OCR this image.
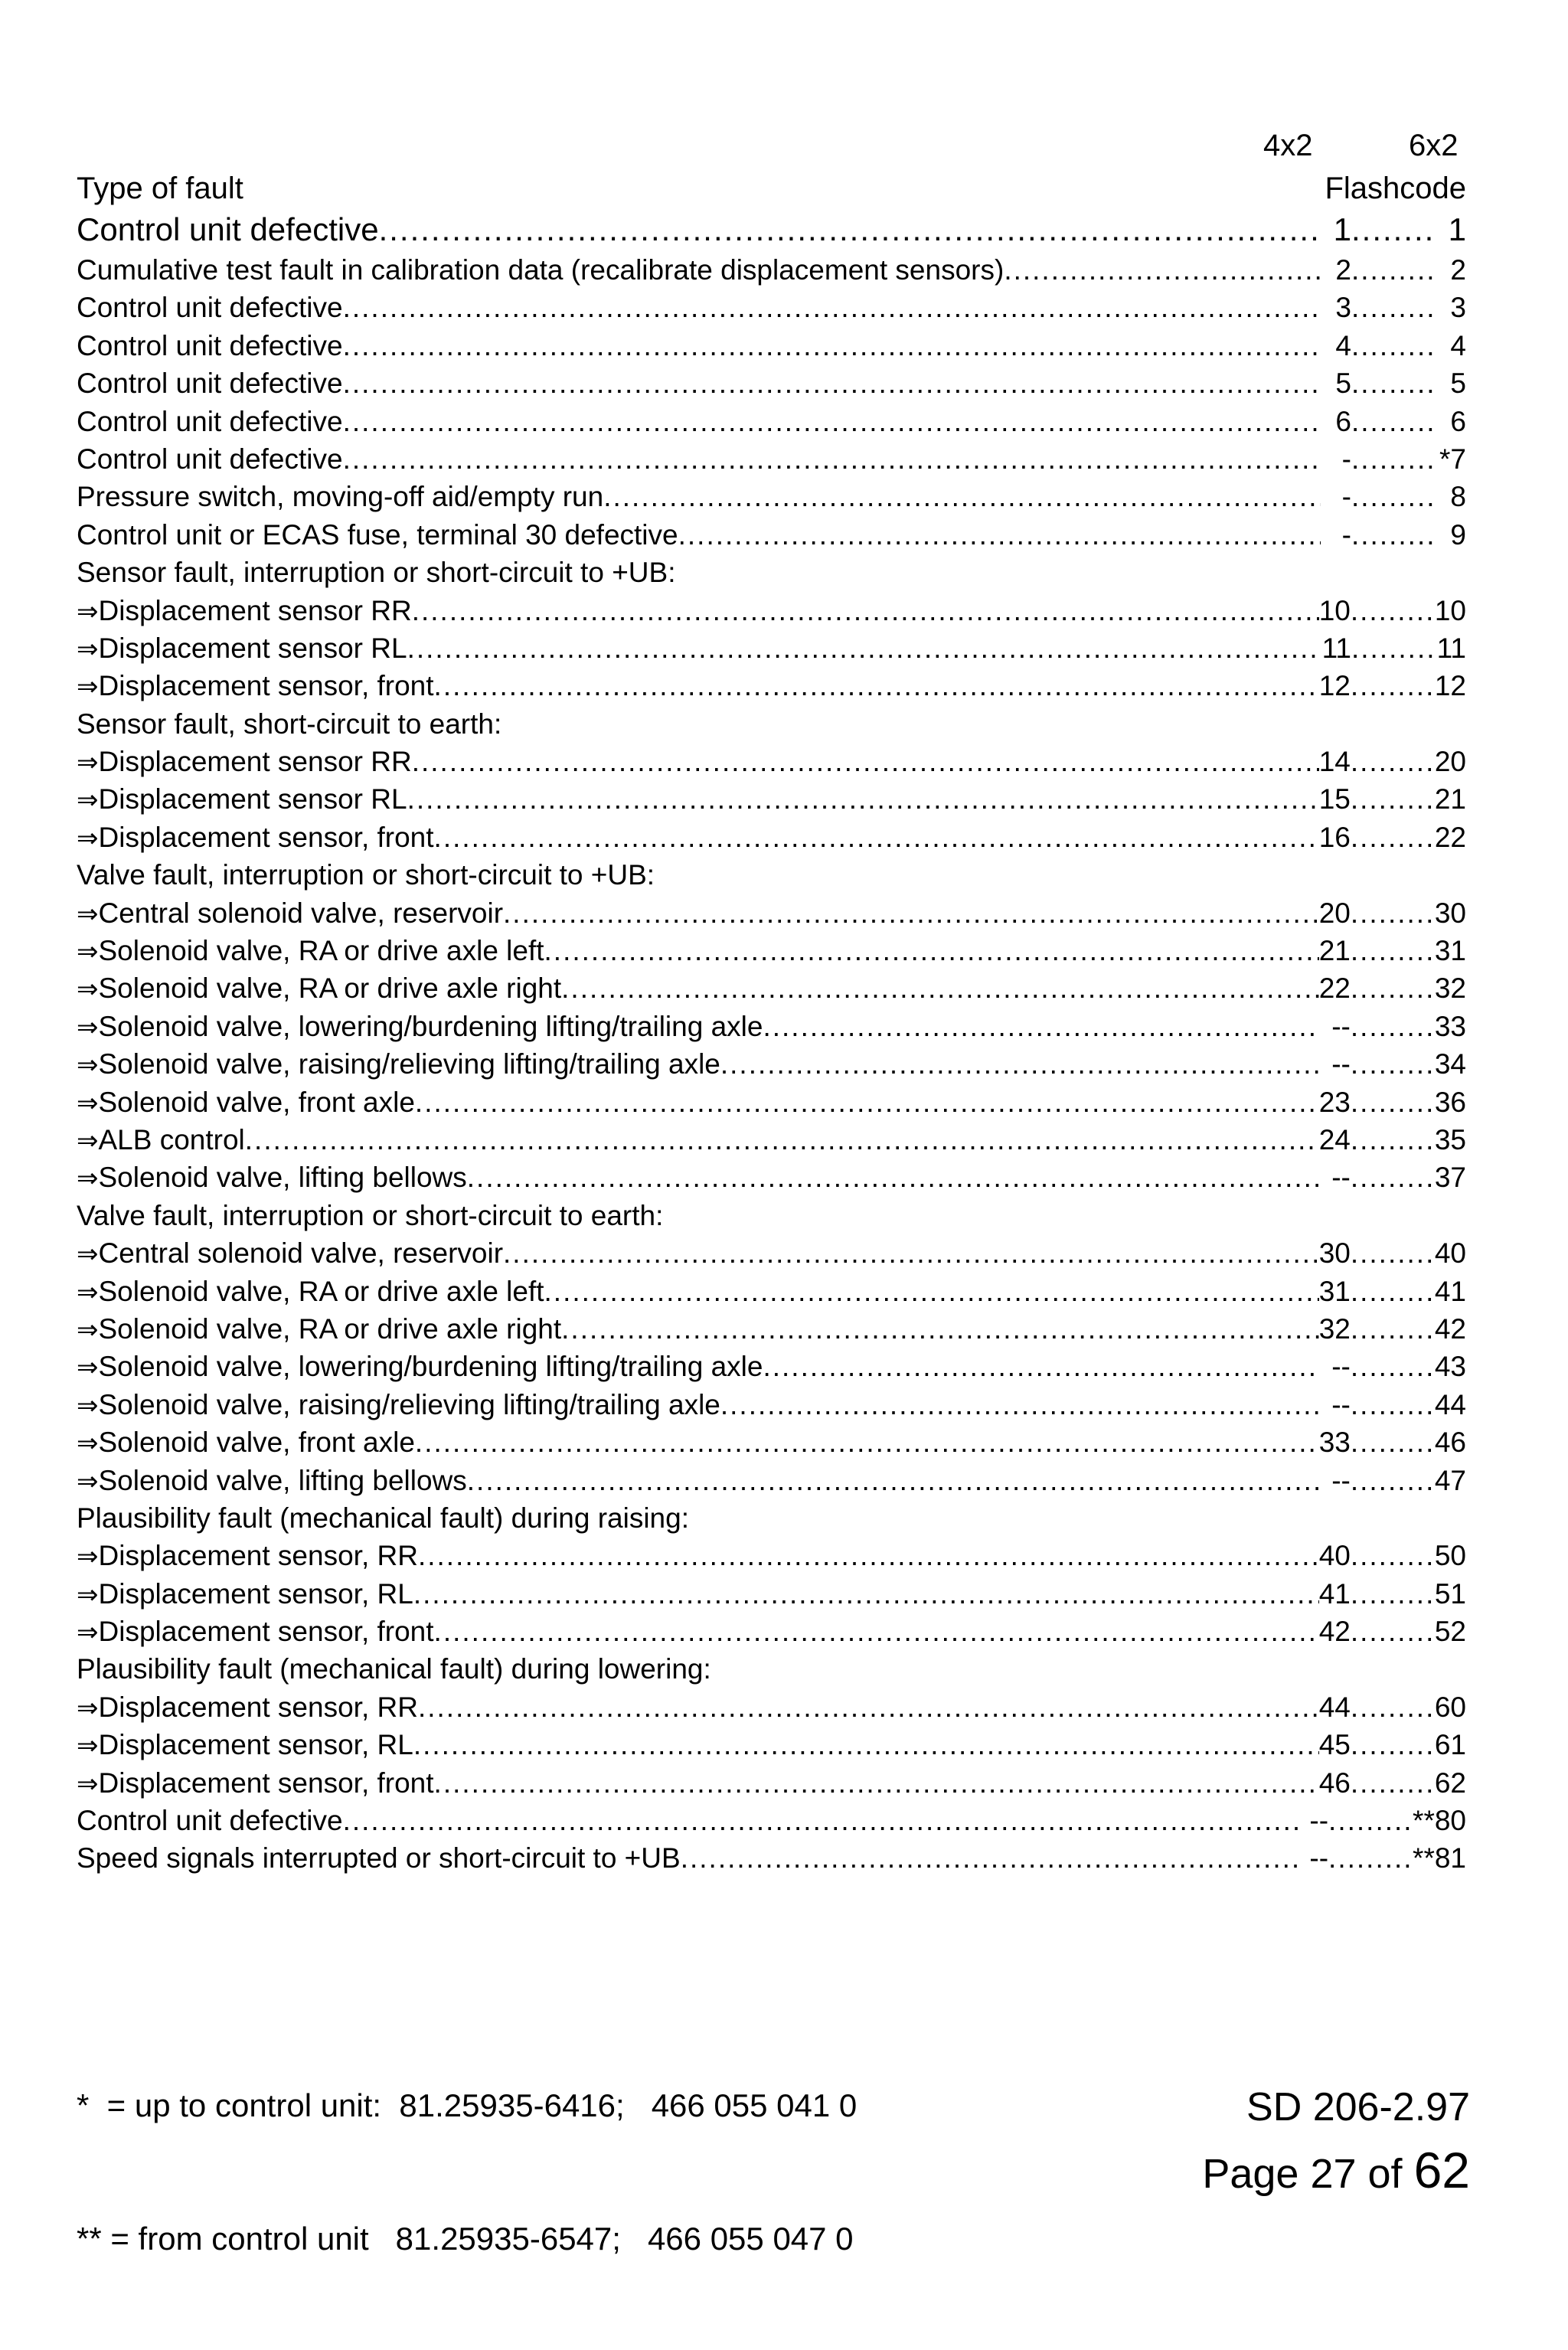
4x2	6x2
Type of fault	Flashcode
Control unit defective .....	1 .....	1
Cumulative test fault in calibration data (recalibrate displacement sensors) .....	2 .....	2
Control unit defective .....	3 .....	3
Control unit defective .....	4 .....	4
Control unit defective .....	5 .....	5
Control unit defective .....	6 .....	6
Control unit defective .....	- .....	*7
Pressure switch, moving-off aid/empty run .....	- .....	8
Control unit or ECAS fuse, terminal 30 defective .....	- .....	9
Sensor fault, interruption or short-circuit to +UB:
⇒ Displacement sensor RR .....	10 .....	10
⇒ Displacement sensor RL .....	11 .....	11
⇒ Displacement sensor, front .....	12 .....	12
Sensor fault, short-circuit to earth:
⇒ Displacement sensor RR .....	14 .....	20
⇒ Displacement sensor RL .....	15 .....	21
⇒ Displacement sensor, front .....	16 .....	22
Valve fault, interruption or short-circuit to +UB:
⇒ Central solenoid valve, reservoir .....	20 .....	30
⇒ Solenoid valve, RA or drive axle left .....	21 .....	31
⇒ Solenoid valve, RA or drive axle right .....	22 .....	32
⇒ Solenoid valve, lowering/burdening lifting/trailing axle .....	-- .....	33
⇒ Solenoid valve, raising/relieving lifting/trailing axle .....	-- .....	34
⇒ Solenoid valve, front axle .....	23 .....	36
⇒ ALB control .....	24 .....	35
⇒ Solenoid valve, lifting bellows .....	-- .....	37
Valve fault, interruption or short-circuit to earth:
⇒ Central solenoid valve, reservoir .....	30 .....	40
⇒ Solenoid valve, RA or drive axle left .....	31 .....	41
⇒ Solenoid valve, RA or drive axle right .....	32 .....	42
⇒ Solenoid valve, lowering/burdening lifting/trailing axle .....	-- .....	43
⇒ Solenoid valve, raising/relieving lifting/trailing axle .....	-- .....	44
⇒ Solenoid valve, front axle .....	33 .....	46
⇒ Solenoid valve, lifting bellows .....	-- .....	47
Plausibility fault (mechanical fault) during raising:
⇒ Displacement sensor, RR .....	40 .....	50
⇒ Displacement sensor, RL .....	41 .....	51
⇒ Displacement sensor, front .....	42 .....	52
Plausibility fault (mechanical fault) during lowering:
⇒ Displacement sensor, RR .....	44 .....	60
⇒ Displacement sensor, RL .....	45 .....	61
⇒ Displacement sensor, front .....	46 .....	62
Control unit defective .....	-- .....	**80
Speed signals interrupted or short-circuit to +UB .....	-- .....	**81

*  = up to control unit:  81.25935-6416;   466 055 041 0

** = from control unit   81.25935-6547;   466 055 047 0

SD 206-2.97
Page 27 of 62
